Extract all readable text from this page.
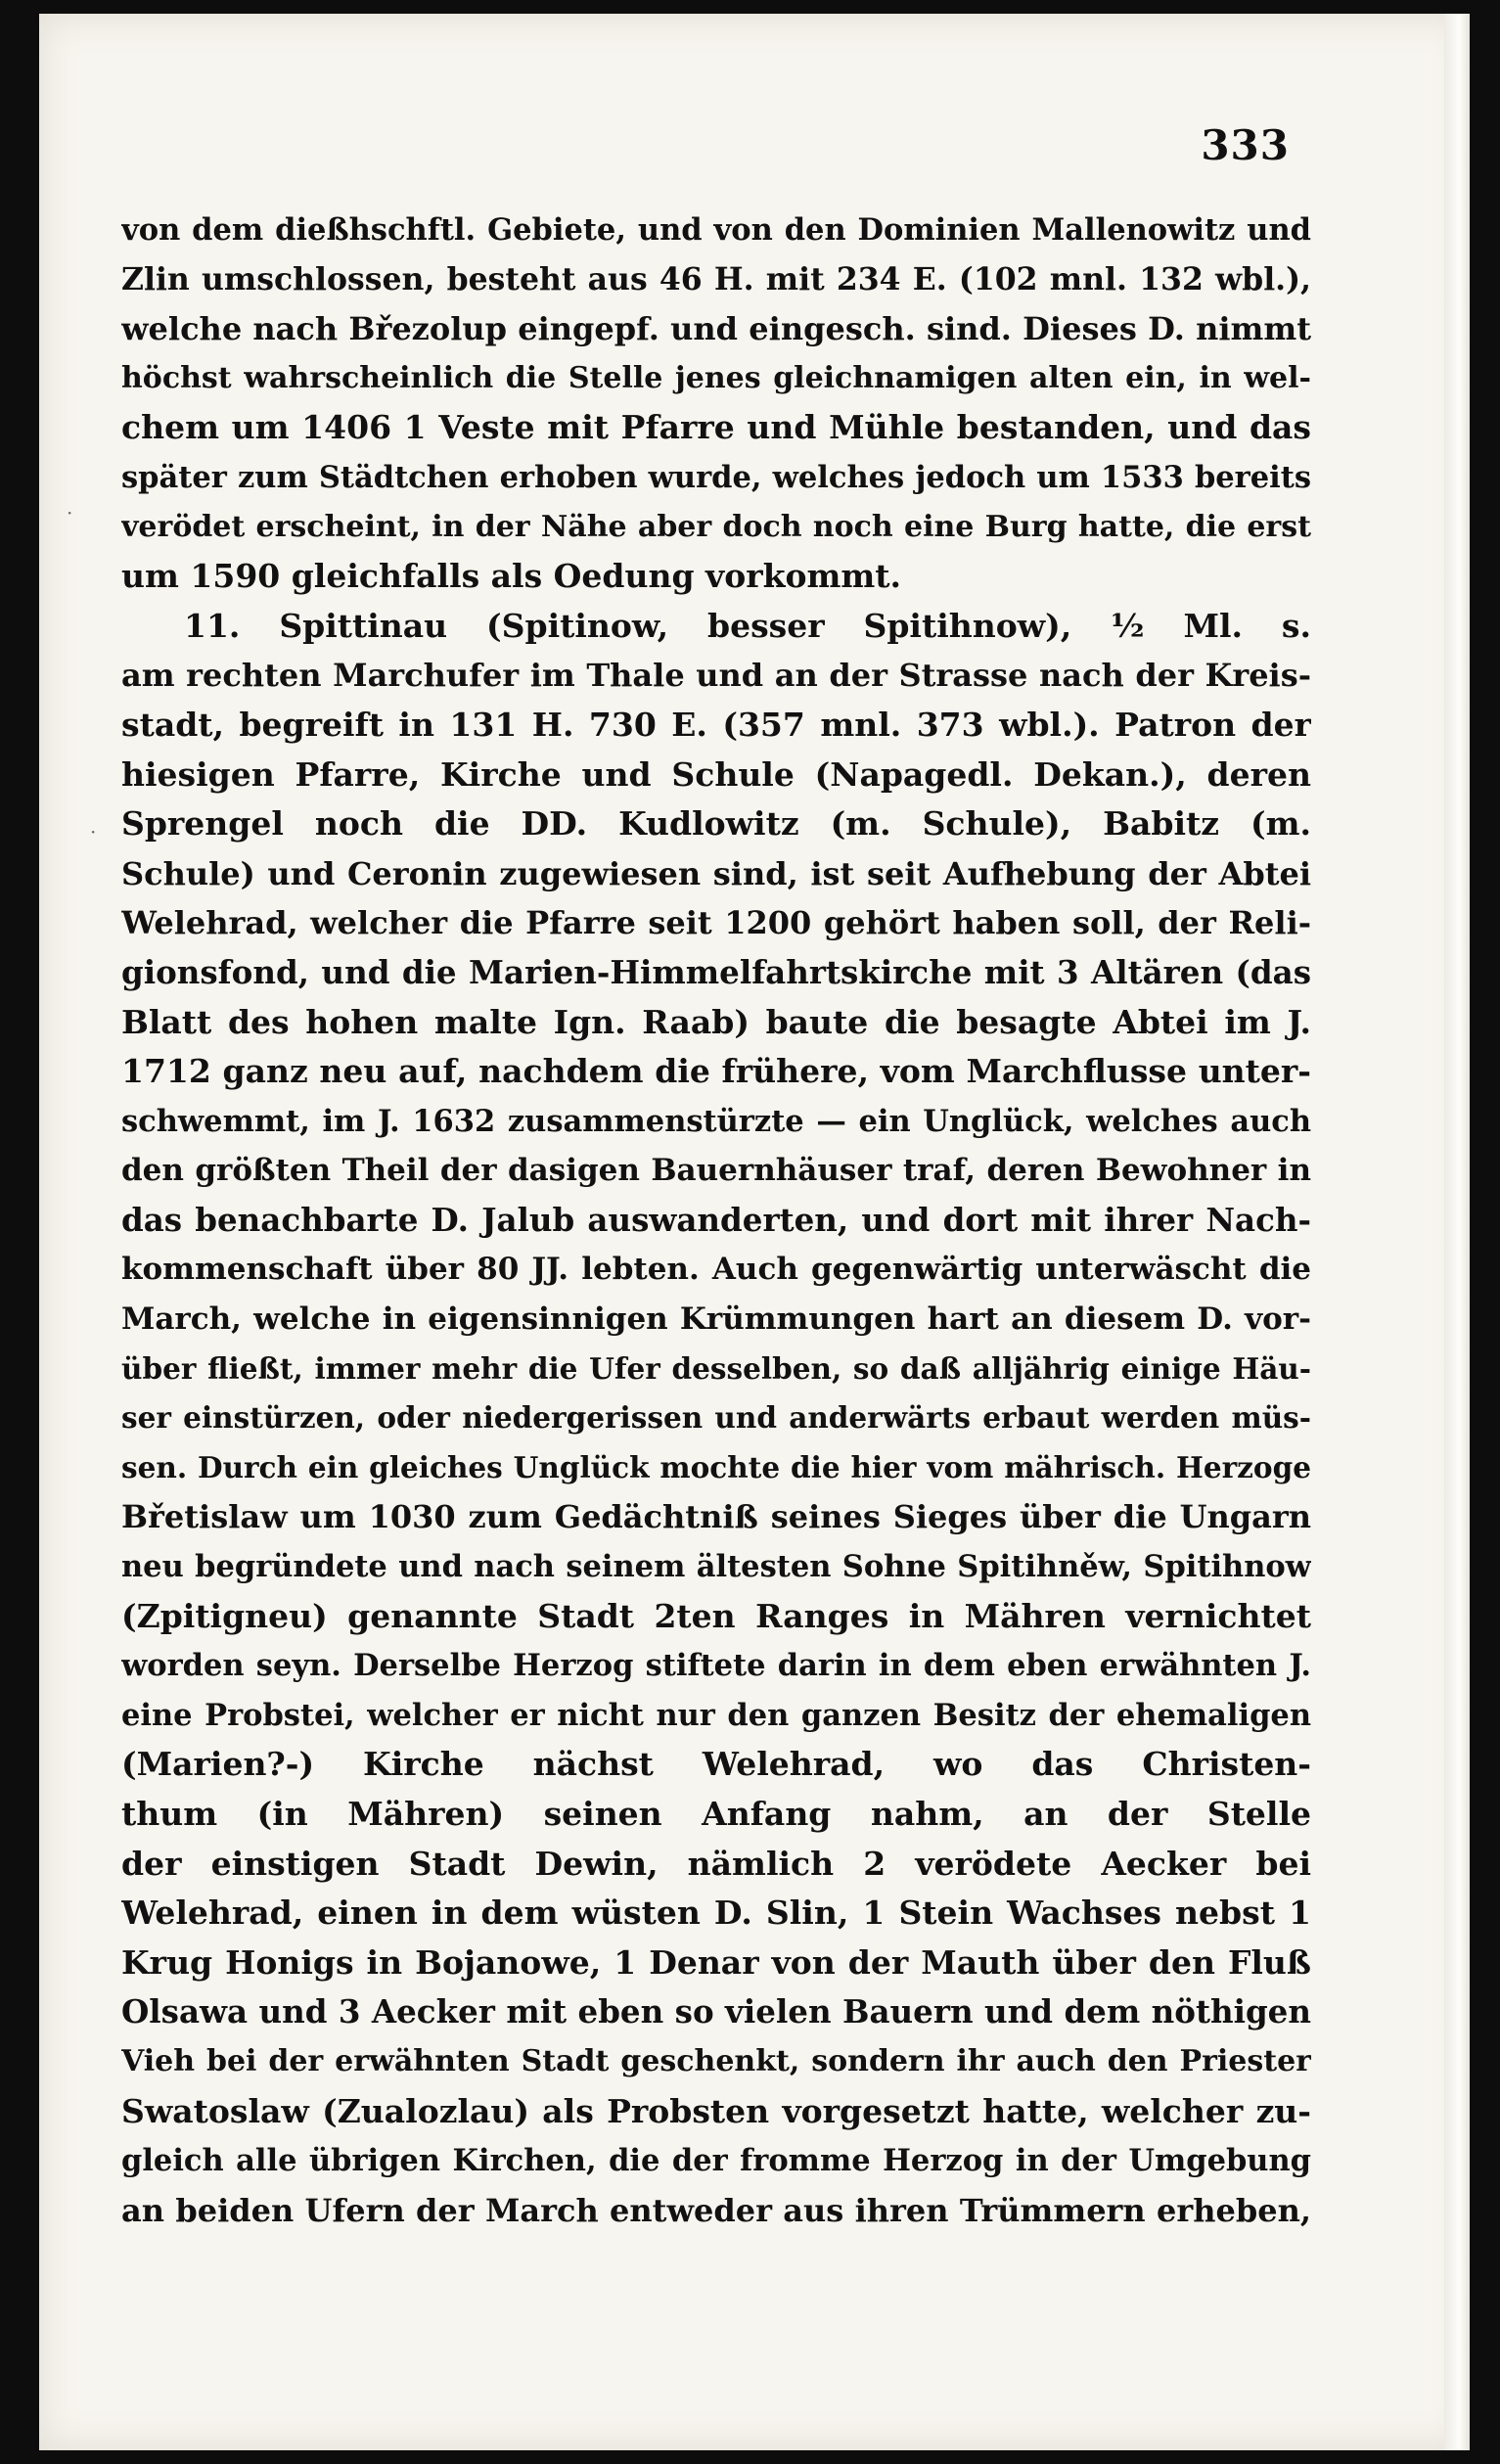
333
·
·
von dem dießhschftl. Gebiete, und von den Dominien Mallenowitz und
Zlin umschlossen, besteht aus 46 H. mit 234 E. (102 mnl. 132 wbl.),
welche nach Březolup eingepf. und eingesch. sind. Dieses D. nimmt
höchst wahrscheinlich die Stelle jenes gleichnamigen alten ein, in wel-
chem um 1406 1 Veste mit Pfarre und Mühle bestanden, und das
später zum Städtchen erhoben wurde, welches jedoch um 1533 bereits
verödet erscheint, in der Nähe aber doch noch eine Burg hatte, die erst
um 1590 gleichfalls als Oedung vorkommt.
11. Spittinau (Spitinow, besser Spitihnow), ½ Ml. s.
am rechten Marchufer im Thale und an der Strasse nach der Kreis-
stadt, begreift in 131 H. 730 E. (357 mnl. 373 wbl.). Patron der
hiesigen Pfarre, Kirche und Schule (Napagedl. Dekan.), deren
Sprengel noch die DD. Kudlowitz (m. Schule), Babitz (m.
Schule) und Ceronin zugewiesen sind, ist seit Aufhebung der Abtei
Welehrad, welcher die Pfarre seit 1200 gehört haben soll, der Reli-
gionsfond, und die Marien-Himmelfahrtskirche mit 3 Altären (das
Blatt des hohen malte Ign. Raab) baute die besagte Abtei im J.
1712 ganz neu auf, nachdem die frühere, vom Marchflusse unter-
schwemmt, im J. 1632 zusammenstürzte — ein Unglück, welches auch
den größten Theil der dasigen Bauernhäuser traf, deren Bewohner in
das benachbarte D. Jalub auswanderten, und dort mit ihrer Nach-
kommenschaft über 80 JJ. lebten. Auch gegenwärtig unterwäscht die
March, welche in eigensinnigen Krümmungen hart an diesem D. vor-
über fließt, immer mehr die Ufer desselben, so daß alljährig einige Häu-
ser einstürzen, oder niedergerissen und anderwärts erbaut werden müs-
sen. Durch ein gleiches Unglück mochte die hier vom mährisch. Herzoge
Břetislaw um 1030 zum Gedächtniß seines Sieges über die Ungarn
neu begründete und nach seinem ältesten Sohne Spitihněw, Spitihnow
(Zpitigneu) genannte Stadt 2ten Ranges in Mähren vernichtet
worden seyn. Derselbe Herzog stiftete darin in dem eben erwähnten J.
eine Probstei, welcher er nicht nur den ganzen Besitz der ehemaligen
(Marien?-) Kirche nächst Welehrad, wo das Christen-
thum (in Mähren) seinen Anfang nahm, an der Stelle
der einstigen Stadt Dewin, nämlich 2 verödete Aecker bei
Welehrad, einen in dem wüsten D. Slin, 1 Stein Wachses nebst 1
Krug Honigs in Bojanowe, 1 Denar von der Mauth über den Fluß
Olsawa und 3 Aecker mit eben so vielen Bauern und dem nöthigen
Vieh bei der erwähnten Stadt geschenkt, sondern ihr auch den Priester
Swatoslaw (Zualozlau) als Probsten vorgesetzt hatte, welcher zu-
gleich alle übrigen Kirchen, die der fromme Herzog in der Umgebung
an beiden Ufern der March entweder aus ihren Trümmern erheben,
